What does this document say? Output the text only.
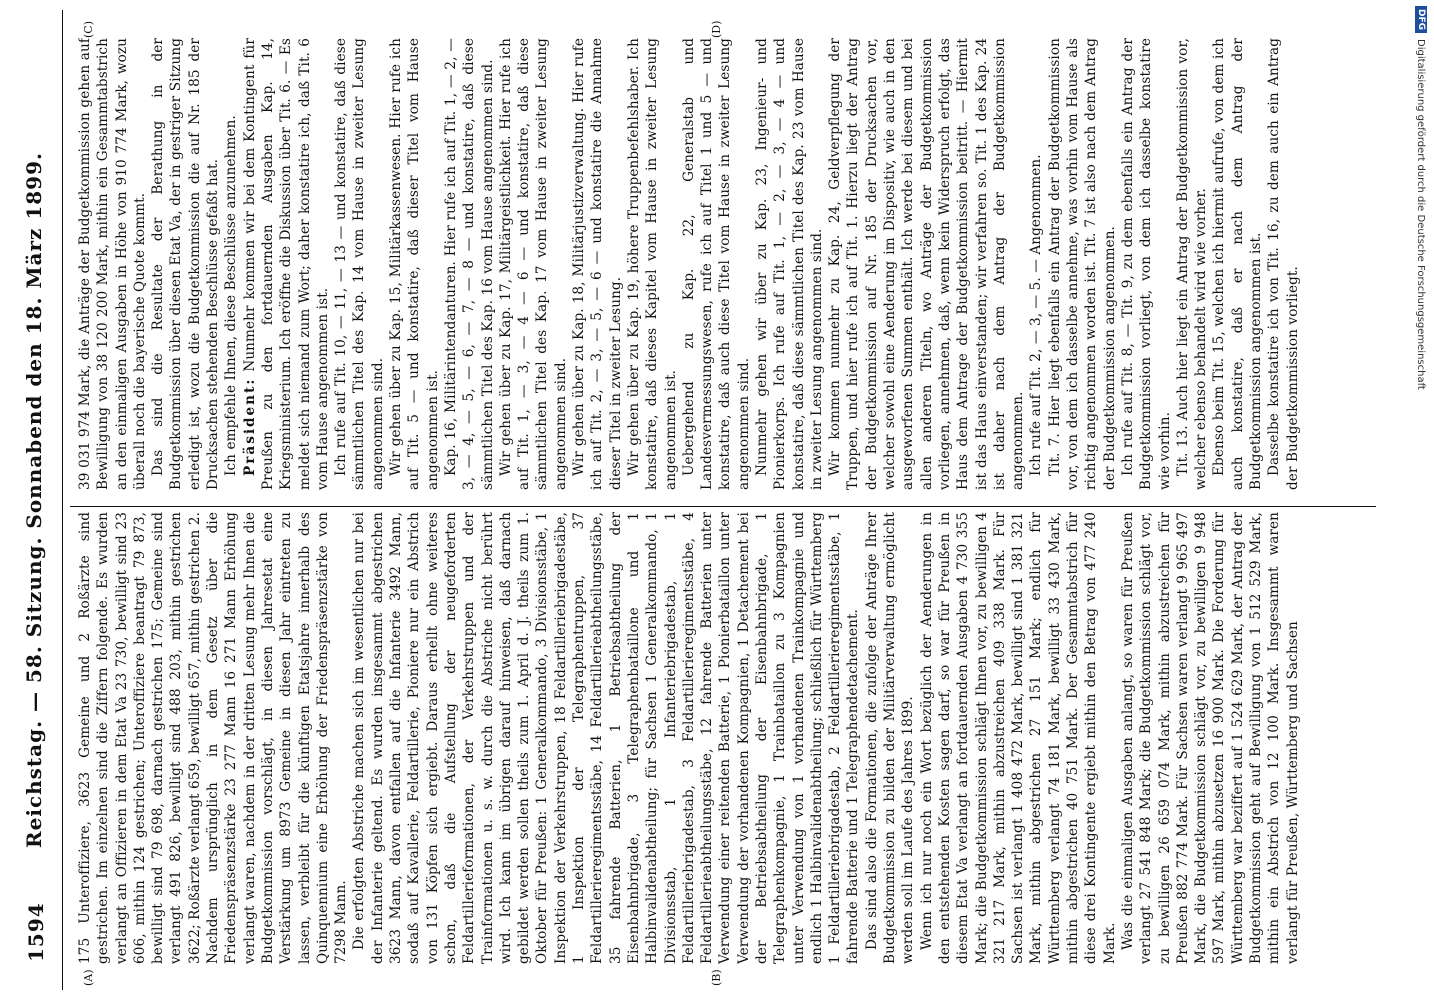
DFG
Digitalisierung gefördert durch die Deutsche Forschungsgemeinschaft
1594
Reichstag. — 58. Sitzung. Sonnabend den 18. März 1899.
(A)	(B)
(C)	(D)

175 Unteroffiziere, 3623 Gemeine und 2 Roßärzte sind gestrichen. Im einzelnen sind die Ziffern folgende. Es wurden verlangt an Offizieren in dem Etat Va 23 730, bewilligt sind 23 606, mithin 124 gestrichen; Unteroffiziere beantragt 79 873, bewilligt sind 79 698, darnach gestrichen 175; Gemeine sind verlangt 491 826, bewilligt sind 488 203, mithin gestrichen 3622; Roßärzte verlangt 659, bewilligt 657, mithin gestrichen 2. Nachdem ursprünglich in dem Gesetz über die Friedenspräsenzstärke 23 277 Mann 16 271 Mann Erhöhung verlangt waren, nachdem in der dritten Lesung mehr Ihnen die Budgetkommission vorschlägt, in diesen Jahresetat eine Verstärkung um 8973 Gemeine in diesen Jahr eintreten zu lassen, verbleibt für die künftigen Etatsjahre innerhalb des Quinquennium eine Erhöhung der Friedenspräsenzstärke von 7298 Mann. Die erfolgten Abstriche machen sich im wesentlichen nur bei der Infanterie geltend. Es wurden insgesammt abgestrichen 3623 Mann, davon entfallen auf die Infanterie 3492 Mann, sodaß auf Kavallerie, Feldartillerie, Pioniere nur ein Abstrich von 131 Köpfen sich ergiebt. Daraus erhellt ohne weiteres schon, daß die Aufstellung der neugeforderten Feldartillerieformationen, der Verkehrstruppen und der Trainformationen u. s. w. durch die Abstriche nicht berührt wird. Ich kann im übrigen darauf hinweisen, daß darnach gebildet werden sollen theils zum 1. April d. J. theils zum 1. Oktober für Preußen: 1 Generalkommando, 3 Divisionsstäbe, 1 Inspektion der Verkehrstruppen, 18 Feldartilleriebrigadestäbe, 1 Inspektion der Telegraphentruppen, 37 Feldartillerieregimentsstäbe, 14 Feldartillerieabtheilungsstäbe, 35 fahrende Batterien, 1 Betriebsabtheilung der Eisenbahnbrigade, 3 Telegraphenbataillone und 1 Halbinvalidenabtheilung; für Sachsen 1 Generalkommando, 1 Divisionsstab, 1 Infanteriebrigadestab, 1 Feldartilleriebrigadestab, 3 Feldartillerieregimentsstäbe, 4 Feldartillerieabtheilungsstäbe, 12 fahrende Batterien unter Verwendung einer reitenden Batterie, 1 Pionierbataillon unter Verwendung der vorhandenen Kompagnien, 1 Detachement bei der Betriebsabtheilung der Eisenbahnbrigade, 1 Telegraphenkompagnie, 1 Trainbataillon zu 3 Kompagnien unter Verwendung von 1 vorhandenen Trainkompagnie und endlich 1 Halbinvalidenabtheilung; schließlich für Württemberg 1 Feldartilleriebrigadestab, 2 Feldartillerieregimentsstäbe, 1 fahrende Batterie und 1 Telegraphendetachement. Das sind also die Formationen, die zufolge der Anträge Ihrer Budgetkommission zu bilden der Militärverwaltung ermöglicht werden soll im Laufe des Jahres 1899. Wenn ich nur noch ein Wort bezüglich der Aenderungen in den entstehenden Kosten sagen darf, so war für Preußen in diesem Etat Va verlangt an fortdauernden Ausgaben 4 730 355 Mark; die Budgetkommission schlägt Ihnen vor, zu bewilligen 4 321 217 Mark, mithin abzustreichen 409 338 Mark. Für Sachsen ist verlangt 1 408 472 Mark, bewilligt sind 1 381 321 Mark, mithin abgestrichen 27 151 Mark; endlich für Württemberg verlangt 74 181 Mark, bewilligt 33 430 Mark, mithin abgestrichen 40 751 Mark. Der Gesammtabstrich für diese drei Kontingente ergiebt mithin den Betrag von 477 240 Mark. Was die einmaligen Ausgaben anlangt, so waren für Preußen verlangt 27 541 848 Mark; die Budgetkommission schlägt vor, zu bewilligen 26 659 074 Mark, mithin abzustreichen für Preußen 882 774 Mark. Für Sachsen waren verlangt 9 965 497 Mark, die Budgetkommission schlägt vor, zu bewilligen 9 948 597 Mark, mithin abzusetzen 16 900 Mark. Die Forderung für Württemberg war beziffert auf 1 524 629 Mark, der Antrag der Budgetkommission geht auf Bewilligung von 1 512 529 Mark, mithin ein Abstrich von 12 100 Mark. Insgesammt waren verlangt für Preußen, Württemberg und Sachsen

39 031 974 Mark, die Anträge der Budgetkommission gehen auf Bewilligung von 38 120 200 Mark, mithin ein Gesammtabstrich an den einmaligen Ausgaben in Höhe von 910 774 Mark, wozu überall noch die bayerische Quote kommt. Das sind die Resultate der Berathung in der Budgetkommission über diesen Etat Va, der in gestriger Sitzung erledigt ist, wozu die Budgetkommission die auf Nr. 185 der Drucksachen stehenden Beschlüsse gefaßt hat. Ich empfehle Ihnen, diese Beschlüsse anzunehmen. Präsident: Nunmehr kommen wir bei dem Kontingent für Preußen zu den fortdauernden Ausgaben Kap. 14, Kriegsministerium. Ich eröffne die Diskussion über Tit. 6. — Es meldet sich niemand zum Wort; daher konstatire ich, daß Tit. 6 vom Hause angenommen ist. Ich rufe auf Tit. 10, — 11, — 13 — und konstatire, daß diese sämmtlichen Titel des Kap. 14 vom Hause in zweiter Lesung angenommen sind. Wir gehen über zu Kap. 15, Militärkassenwesen. Hier rufe ich auf Tit. 5 — und konstatire, daß dieser Titel vom Hause angenommen ist. Kap. 16, Militärintendanturen. Hier rufe ich auf Tit. 1, — 2, — 3, — 4, — 5, — 6, — 7, — 8 — und konstatire, daß diese sämmtlichen Titel des Kap. 16 vom Hause angenommen sind. Wir gehen über zu Kap. 17, Militärgeistlichkeit. Hier rufe ich auf Tit. 1, — 3, — 4 — 6 — und konstatire, daß diese sämmtlichen Titel des Kap. 17 vom Hause in zweiter Lesung angenommen sind. Wir gehen über zu Kap. 18, Militärjustizverwaltung. Hier rufe ich auf Tit. 2, — 3, — 5, — 6 — und konstatire die Annahme dieser Titel in zweiter Lesung. Wir gehen über zu Kap. 19, höhere Truppenbefehlshaber. Ich konstatire, daß dieses Kapitel vom Hause in zweiter Lesung angenommen ist. Uebergehend zu Kap. 22, Generalstab und Landesvermessungswesen, rufe ich auf Titel 1 und 5 — und konstatire, daß auch diese Titel vom Hause in zweiter Lesung angenommen sind. Nunmehr gehen wir über zu Kap. 23, Ingenieur- und Pionierkorps. Ich rufe auf Tit. 1, — 2, — 3, — 4 — und konstatire, daß diese sämmtlichen Titel des Kap. 23 vom Hause in zweiter Lesung angenommen sind. Wir kommen nunmehr zu Kap. 24, Geldverpflegung der Truppen, und hier rufe ich auf Tit. 1. Hierzu liegt der Antrag der Budgetkommission auf Nr. 185 der Drucksachen vor, welcher sowohl eine Aenderung im Dispositiv, wie auch in den ausgeworfenen Summen enthält. Ich werde bei diesem und bei allen anderen Titeln, wo Anträge der Budgetkommission vorliegen, annehmen, daß, wenn kein Widerspruch erfolgt, das Haus dem Antrage der Budgetkommission beitritt. — Hiermit ist das Haus einverstanden; wir verfahren so. Tit. 1 des Kap. 24 ist daher nach dem Antrag der Budgetkommission angenommen. Ich rufe auf Tit. 2, — 3, — 5. — Angenommen. Tit. 7. Hier liegt ebenfalls ein Antrag der Budgetkommission vor, von dem ich dasselbe annehme, was vorhin vom Hause als richtig angenommen worden ist. Tit. 7 ist also nach dem Antrag der Budgetkommission angenommen. Ich rufe auf Tit. 8, — Tit. 9, zu dem ebenfalls ein Antrag der Budgetkommission vorliegt, von dem ich dasselbe konstatire wie vorhin. Tit. 13. Auch hier liegt ein Antrag der Budgetkommission vor, welcher ebenso behandelt wird wie vorher. Ebenso beim Tit. 15, welchen ich hiermit aufrufe, von dem ich auch konstatire, daß er nach dem Antrag der Budgetkommission angenommen ist. Dasselbe konstatire ich von Tit. 16, zu dem auch ein Antrag der Budgetkommission vorliegt.
